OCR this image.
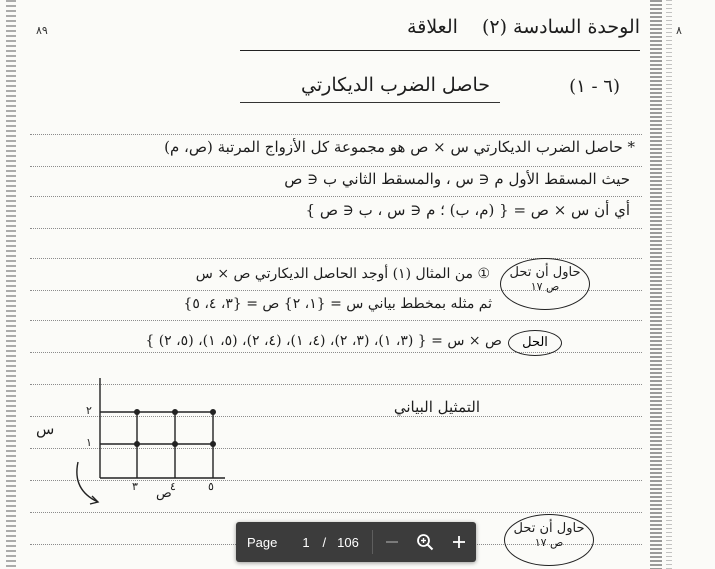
٨٩	٨
الوحدة السادسة (٢) العلاقة
حاصل الضرب الديكارتي	(٦ - ١)
* حاصل الضرب الديكارتي س × ص هو مجموعة كل الأزواج المرتبة (ص، م)
حيث المسقط الأول م ∈ س ، والمسقط الثاني ب ∈ ص
أي أن س × ص = { (م، ب) ؛ م ∈ س ، ب ∈ ص }
حاول أن تحل
ص ١٧
① من المثال (١) أوجد الحاصل الديكارتي ص × س
ثم مثله بمخطط بياني س = {١، ٢} ص = {٣، ٤، ٥}
الحل
ص × س = { (٣، ١)، (٣، ٢)، (٤، ١)، (٤، ٢)، (٥، ١)، (٥، ٢) }
التمثيل البياني
س
ص
٢
١
٣	٤	٥
حاول أن تحل
ص ١٧
Page 1 / 106
